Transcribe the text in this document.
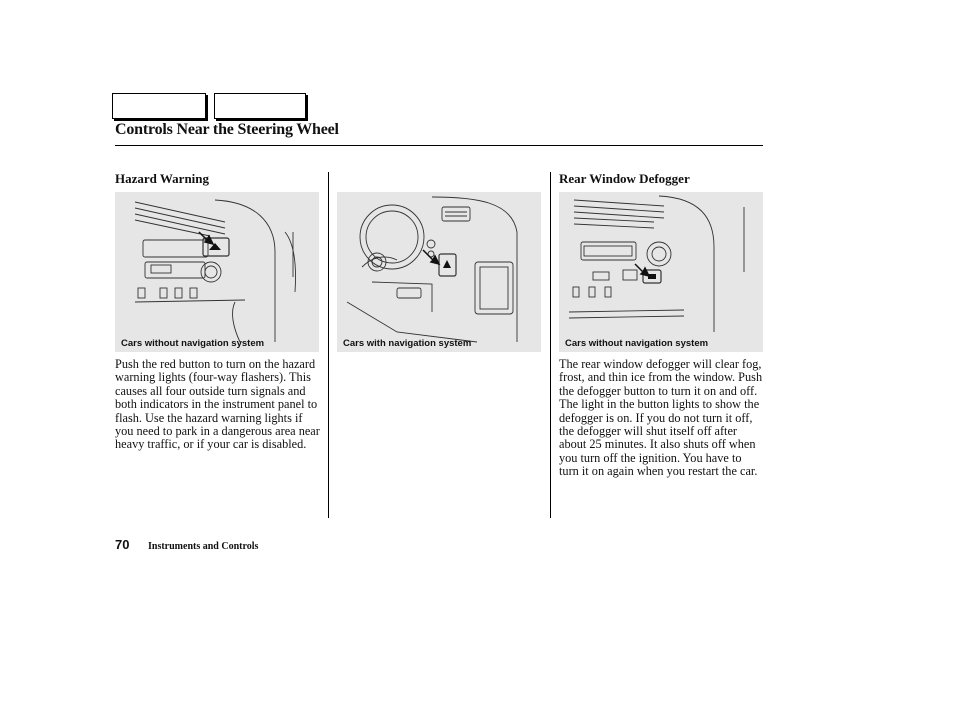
Controls Near the Steering Wheel
Hazard Warning
Cars without navigation system
Push the red button to turn on the hazard warning lights (four-way flashers). This causes all four outside turn signals and both indicators in the instrument panel to flash. Use the hazard warning lights if you need to park in a dangerous area near heavy traffic, or if your car is disabled.
Cars with navigation system
Rear Window Defogger
Cars without navigation system
The rear window defogger will clear fog, frost, and thin ice from the window. Push the defogger button to turn it on and off. The light in the button lights to show the defogger is on. If you do not turn it off, the defogger will shut itself off after about 25 minutes. It also shuts off when you turn off the ignition. You have to turn it on again when you restart the car.
70 Instruments and Controls
